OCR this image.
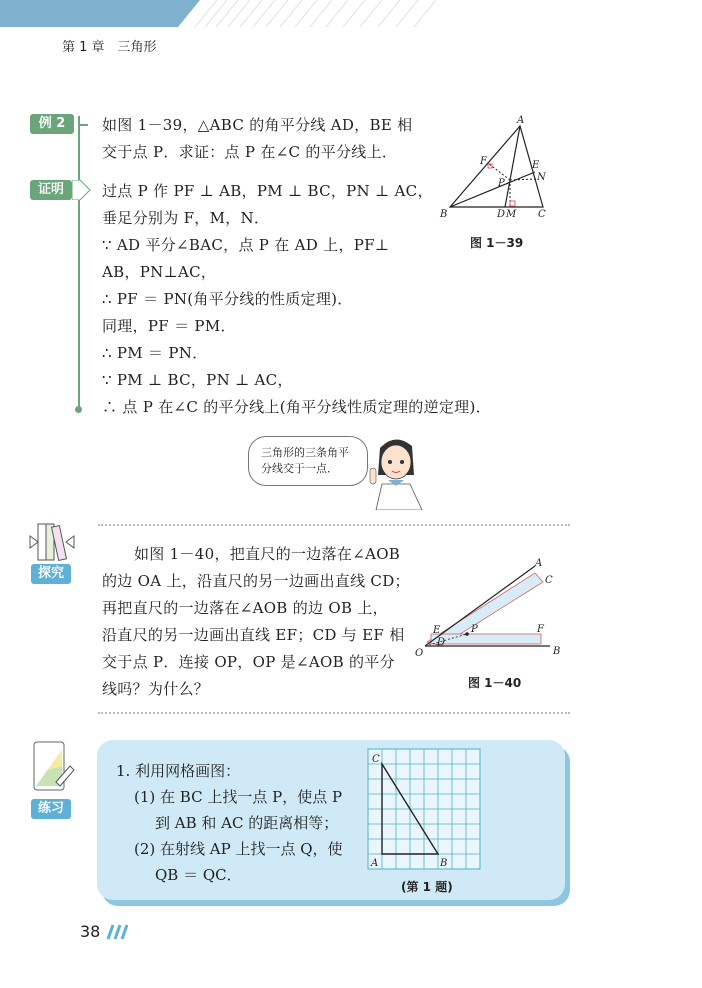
第 1 章　三角形
例 2
证明
如图 1－39，△ABC 的角平分线 AD，BE 相
交于点 P．求证：点 P 在∠C 的平分线上．
过点 P 作 PF ⊥ AB，PM ⊥ BC，PN ⊥ AC，
垂足分别为 F，M，N．
∵ AD 平分∠BAC，点 P 在 AD 上，PF⊥
AB，PN⊥AC，
∴ PF ＝ PN(角平分线的性质定理)．
同理，PF ＝ PM．
∴ PM ＝ PN．
∵ PM ⊥ BC，PN ⊥ AC，
∴ 点 P 在∠C 的平分线上(角平分线性质定理的逆定理)．
A
B	C
D M
E
N
F
P
图 1－39
三角形的三条角平
分线交于一点．
探究
如图 1－40，把直尺的一边落在∠AOB
的边 OA 上，沿直尺的另一边画出直线 CD；
再把直尺的一边落在∠AOB 的边 OB 上，
沿直尺的另一边画出直线 EF；CD 与 EF 相
交于点 P．连接 OP，OP 是∠AOB 的平分
线吗？为什么？
A
C
B
O
E
D
P	F
图 1－40
练习
1. 利用网格画图：
(1) 在 BC 上找一点 P，使点 P
到 AB 和 AC 的距离相等；
(2) 在射线 AP 上找一点 Q，使
QB ＝ QC．
C
A	B
(第 1 题)
38
